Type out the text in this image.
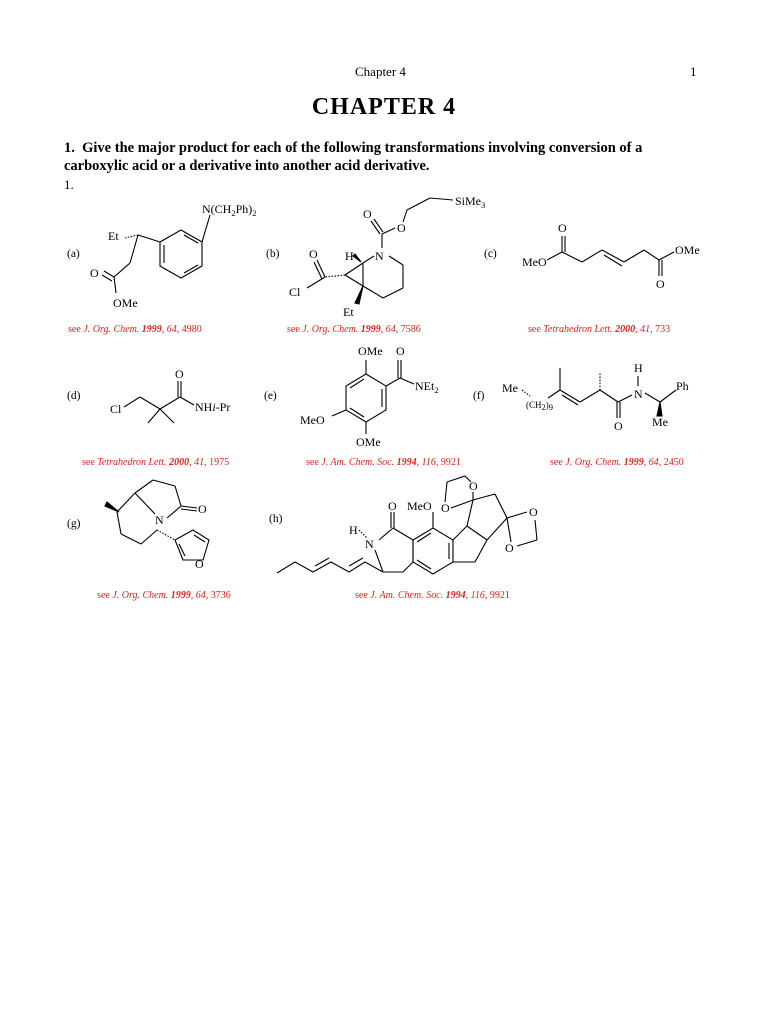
Chapter 4	1
CHAPTER 4
1. Give the major product for each of the following transformations involving conversion of a carboxylic acid or a derivative into another acid derivative.
1.
(a)	(b)	(c)
(d)	(e)	(f)
(g)	(h)
see J. Org. Chem. 1999, 64, 4980	see J. Org. Chem. 1999, 64, 7586	see Tetrahedron Lett. 2000, 41, 733
see Tetrahedron Lett. 2000, 41, 1975	see J. Am. Chem. Soc. 1994, 116, 9921	see J. Org. Chem. 1999, 64, 2450
see J. Org. Chem. 1999, 64, 3736	see J. Am. Chem. Soc. 1994, 116, 9921
$N(CH_2Ph)_2$
Et
O
OMe
SiMe$_3$
O
O
N
H
O
Cl
Et
MeO
O
O
OMe
Cl
O
NHi-Pr
OMe O
NEt$_2$
MeO
OMe
Me
(CH2)9
O
N
H
Ph
Me
O
N
O
N
H
O MeO O
O
O
O
